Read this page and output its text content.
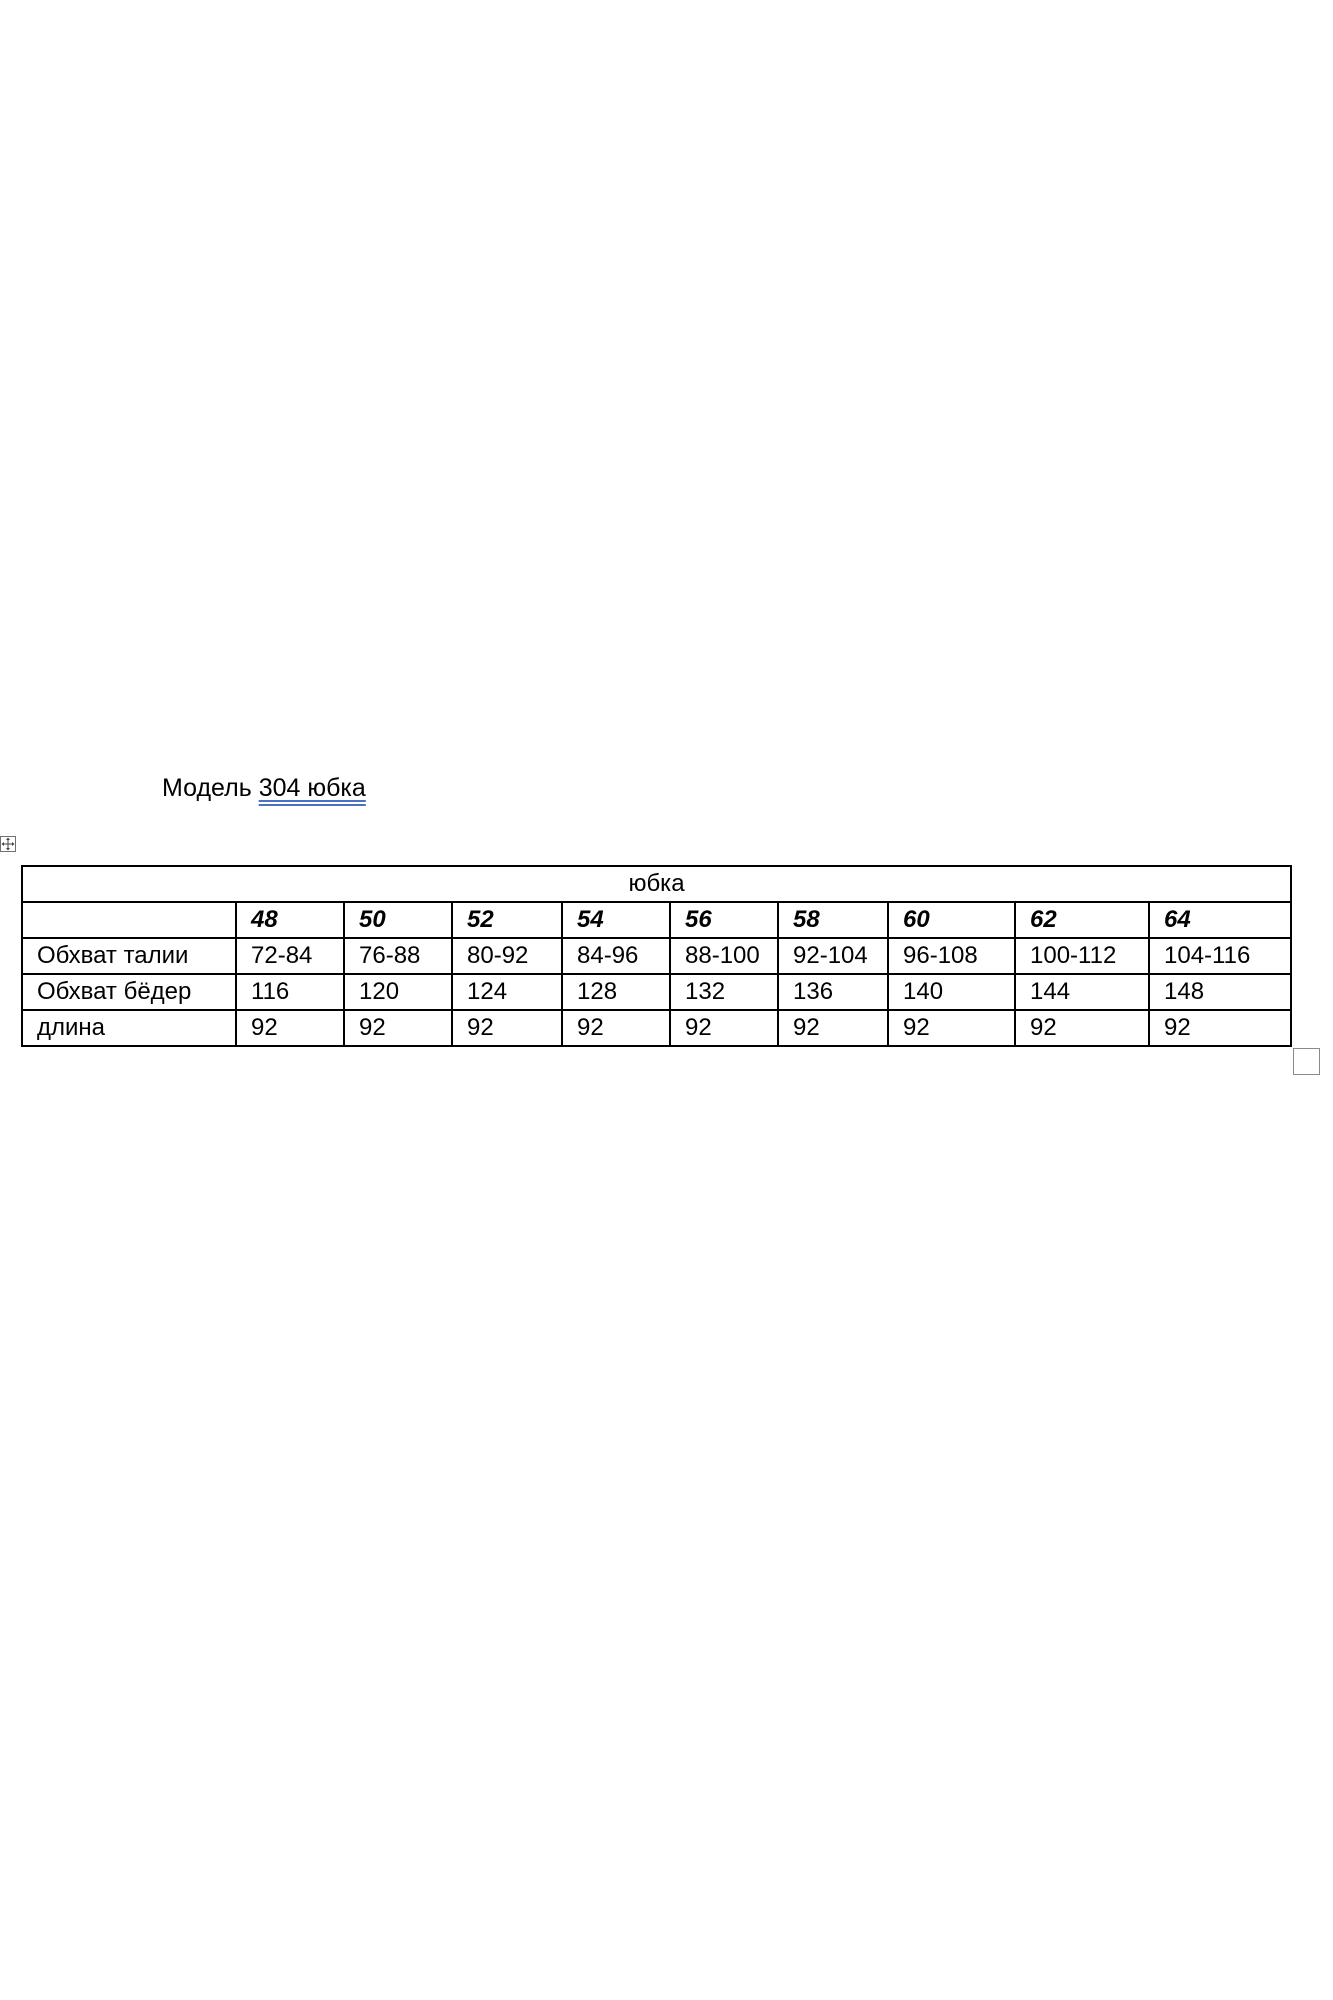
Модель 304 юбка
юбка									
	48	50	52	54	56	58	60	62	64
Обхват талии	72-84	76-88	80-92	84-96	88-100	92-104	96-108	100-112	104-116
Обхват бёдер	116	120	124	128	132	136	140	144	148
длина	92	92	92	92	92	92	92	92	92
